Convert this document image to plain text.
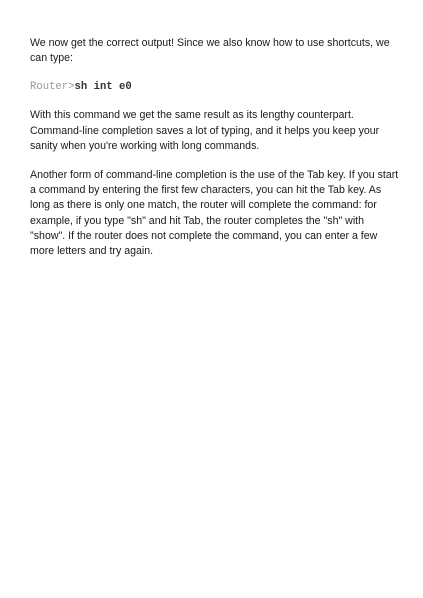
We now get the correct output! Since we also know how to use shortcuts, we can type:

Router>sh int e0

With this command we get the same result as its lengthy counterpart. Command-line completion saves a lot of typing, and it helps you keep your sanity when you're working with long commands.

Another form of command-line completion is the use of the Tab key. If you start a command by entering the first few characters, you can hit the Tab key. As long as there is only one match, the router will complete the command: for example, if you type "sh" and hit Tab, the router completes the "sh" with "show". If the router does not complete the command, you can enter a few more letters and try again.
